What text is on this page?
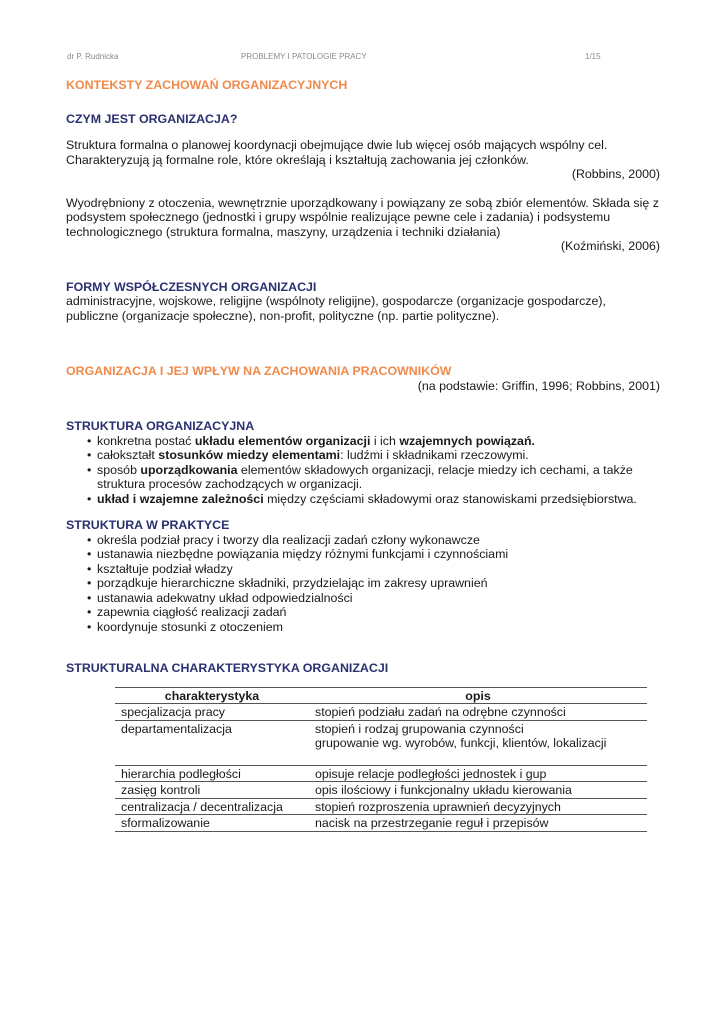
dr P. Rudnicka	PROBLEMY I PATOLOGIE PRACY	1/15
KONTEKSTY ZACHOWAŃ ORGANIZACYJNYCH
CZYM JEST ORGANIZACJA?

Struktura formalna o planowej koordynacji obejmujące dwie lub więcej osób mających wspólny cel. Charakteryzują ją formalne role, które określają i kształtują zachowania jej członków.

(Robbins, 2000)

Wyodrębniony z otoczenia, wewnętrznie uporządkowany i powiązany ze sobą zbiór elementów. Składa się z podsystem społecznego (jednostki i grupy wspólnie realizujące pewne cele i zadania) i podsystemu technologicznego (struktura formalna, maszyny, urządzenia i techniki działania)

(Koźmiński, 2006)

FORMY WSPÓŁCZESNYCH ORGANIZACJI

administracyjne, wojskowe, religijne (wspólnoty religijne), gospodarcze (organizacje gospodarcze), publiczne (organizacje społeczne), non-profit, polityczne (np. partie polityczne).

ORGANIZACJA I JEJ WPŁYW NA ZACHOWANIA PRACOWNIKÓW

(na podstawie: Griffin, 1996; Robbins, 2001)

STRUKTURA ORGANIZACYJNA
• konkretna postać układu elementów organizacji i ich wzajemnych powiązań.
• całokształt stosunków miedzy elementami: ludźmi i składnikami rzeczowymi.
• sposób uporządkowania elementów składowych organizacji, relacje miedzy ich cechami, a także struktura procesów zachodzących w organizacji.
• układ i wzajemne zależności między częściami składowymi oraz stanowiskami przedsiębiorstwa.
STRUKTURA W PRAKTYCE
• określa podział pracy i tworzy dla realizacji zadań człony wykonawcze
• ustanawia niezbędne powiązania między różnymi funkcjami i czynnościami
• kształtuje podział władzy
• porządkuje hierarchiczne składniki, przydzielając im zakresy uprawnień
• ustanawia adekwatny układ odpowiedzialności
• zapewnia ciągłość realizacji zadań
• koordynuje stosunki z otoczeniem
STRUKTURALNA CHARAKTERYSTYKA ORGANIZACJI
charakterystyka	opis
specjalizacja pracy	stopień podziału zadań na odrębne czynności
departamentalizacja	stopień i rodzaj grupowania czynności
grupowanie wg. wyrobów, funkcji, klientów, lokalizacji

hierarchia podległości	opisuje relacje podległości jednostek i gup
zasięg kontroli	opis ilościowy i funkcjonalny układu kierowania
centralizacja / decentralizacja	stopień rozproszenia uprawnień decyzyjnych
sformalizowanie	nacisk na przestrzeganie reguł i przepisów
